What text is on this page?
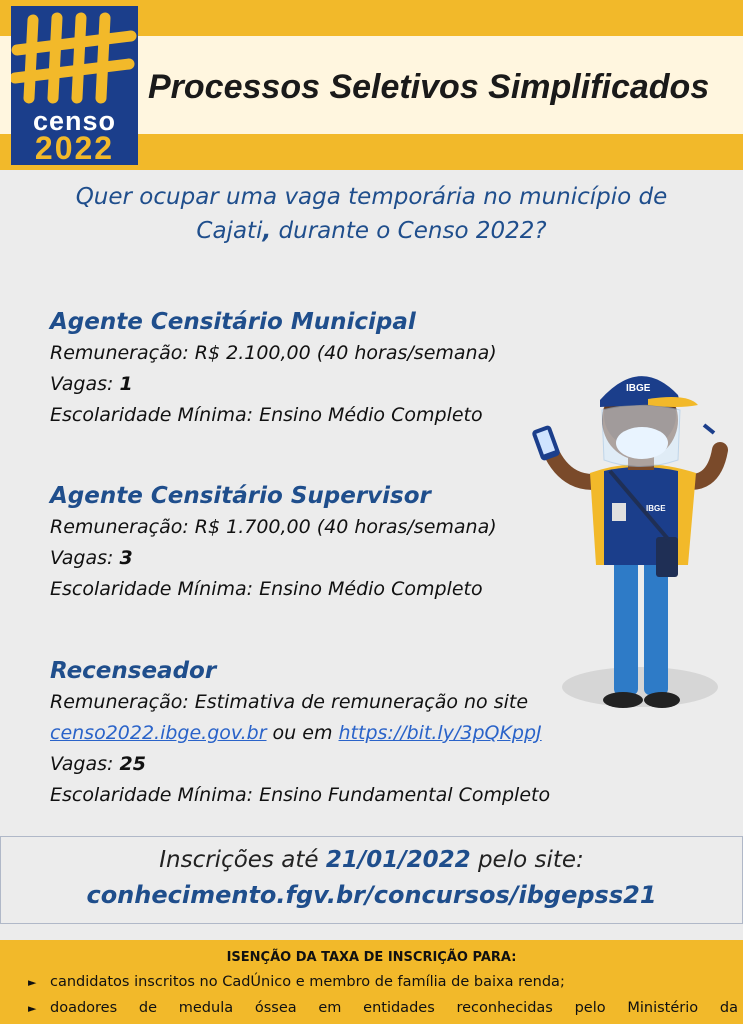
censo
2022
Processos Seletivos Simplificados
Quer ocupar uma vaga temporária no município de
Cajati, durante o Censo 2022?
Agente Censitário Municipal
Remuneração: R$ 2.100,00 (40 horas/semana)
Vagas: 1
Escolaridade Mínima: Ensino Médio Completo
Agente Censitário Supervisor
Remuneração: R$ 1.700,00 (40 horas/semana)
Vagas: 3
Escolaridade Mínima: Ensino Médio Completo
Recenseador
Remuneração: Estimativa de remuneração no site
censo2022.ibge.gov.br ou em https://bit.ly/3pQKppJ
Vagas: 25
Escolaridade Mínima: Ensino Fundamental Completo
IBGE
IBGE
Inscrições até 21/01/2022 pelo site:
conhecimento.fgv.br/concursos/ibgepss21
ISENÇÃO DA TAXA DE INSCRIÇÃO PARA:
► candidatos inscritos no CadÚnico e membro de família de baixa renda;
► doadores de medula óssea em entidades reconhecidas pelo Ministério da
